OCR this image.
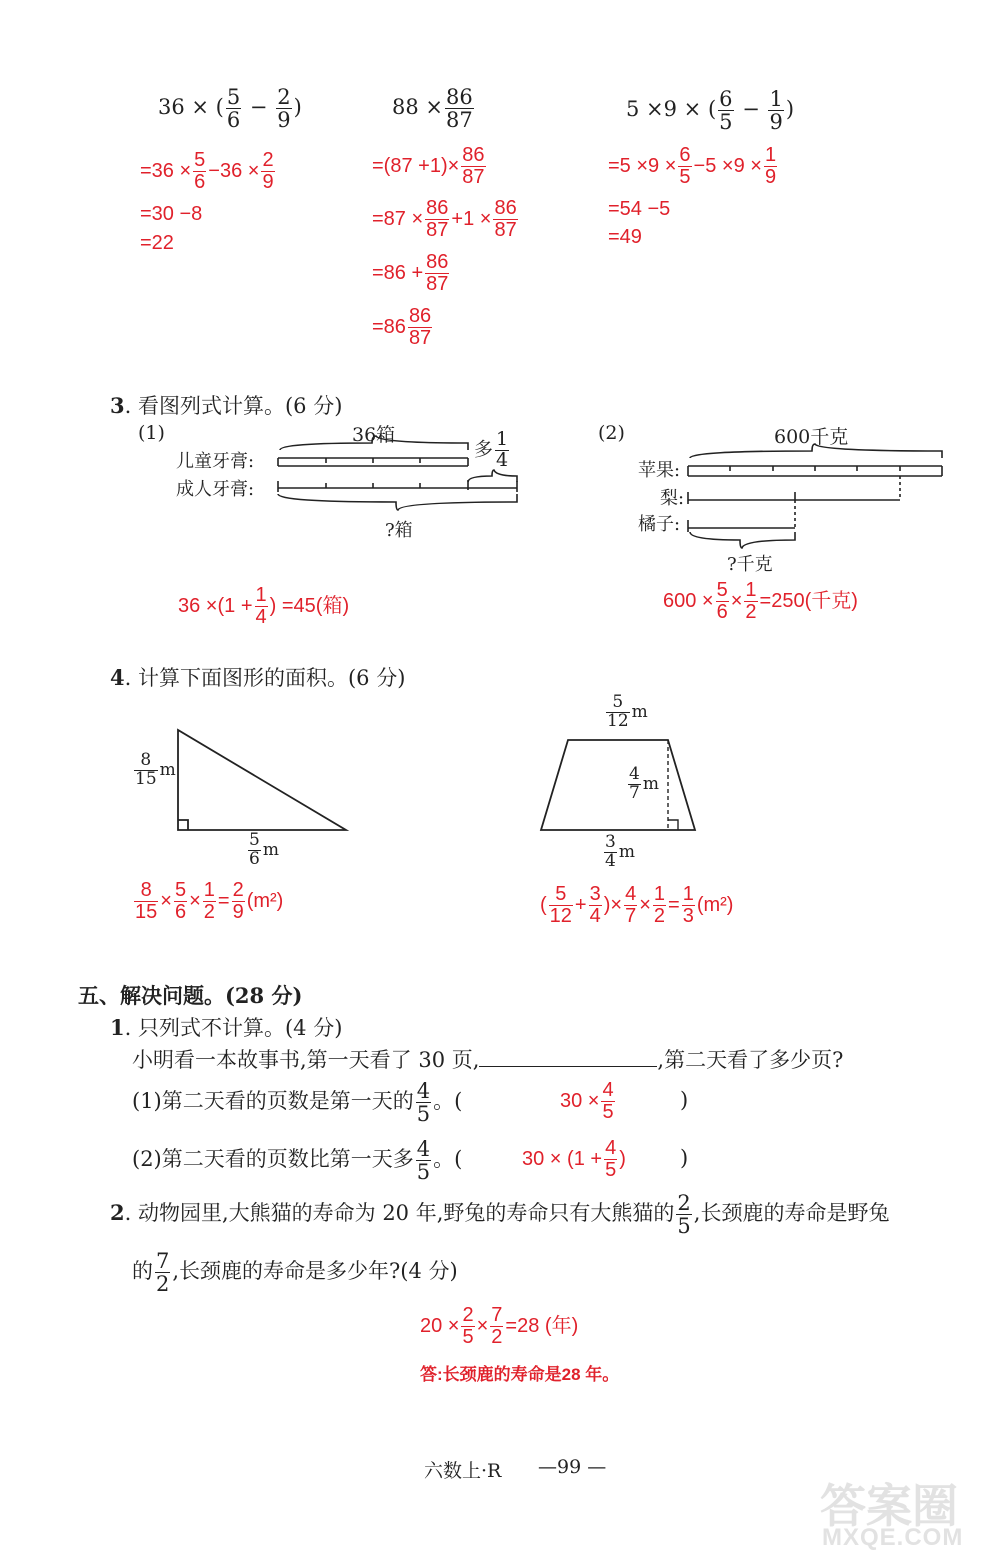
36 × ( $\frac{5}{6} - \frac{2}{9}$ )
$=36 \times \frac{5}{6} -36 \times \frac{2}{9}$
=30 −8
=22
$88 \times \frac{86}{87}$
$=(87 +1)\times \frac{86}{87}$
$=87 \times \frac{86}{87} +1 \times \frac{86}{87}$
$=86 + \frac{86}{87}$
$=86 \frac{86}{87}$
5 ×9 × ( $\frac{6}{5} - \frac{1}{9}$ )
$=5 \times 9 \times \frac{6}{5} -5 \times 9 \times \frac{1}{9}$
=54 −5
=49
3. 看图列式计算。(6 分)
(1)	36箱
多 $\frac{1}{4}$
儿童牙膏:
成人牙膏:
?箱
$36 \times(1 + \frac{1}{4}$ ) =45(箱)
(2)	600千克
苹果:
梨:
橘子:
?千克
$600 \times \frac{5}{6} \times \frac{1}{2} =250$(千克)
4. 计算下面图形的面积。(6 分)
$\frac{8}{15}$ m
$\frac{5}{6}$ m
$\frac{8}{15} \times \frac{5}{6} \times \frac{1}{2} = \frac{2}{9} (m^2)$
$\frac{5}{12}$ m
$\frac{4}{7}$ m
$\frac{3}{4}$ m
( $\frac{5}{12} + \frac{3}{4}$ )× $\frac{4}{7} \times \frac{1}{2} = \frac{1}{3} (m^2)$
五、解决问题。(28 分)
1. 只列式不计算。(4 分)
小明看一本故事书,第一天看了 30 页,	,第二天看了多少页?
(1)第二天看的页数是第一天的 $\frac{4}{5}$ 。(	$30 \times \frac{4}{5}$	)
(2)第二天看的页数比第一天多 $\frac{4}{5}$ 。(	$30 \times (1 + \frac{4}{5}$ )	)
2. 动物园里,大熊猫的寿命为 20 年,野兔的寿命只有大熊猫的 $\frac{2}{5}$ ,长颈鹿的寿命是野兔
的 $\frac{7}{2}$ ,长颈鹿的寿命是多少年?(4 分)
$20 \times \frac{2}{5} \times \frac{7}{2} =28$ (年)
答:长颈鹿的寿命是28 年。
六数上·R —99 —
答案圈
MXQE.COM
